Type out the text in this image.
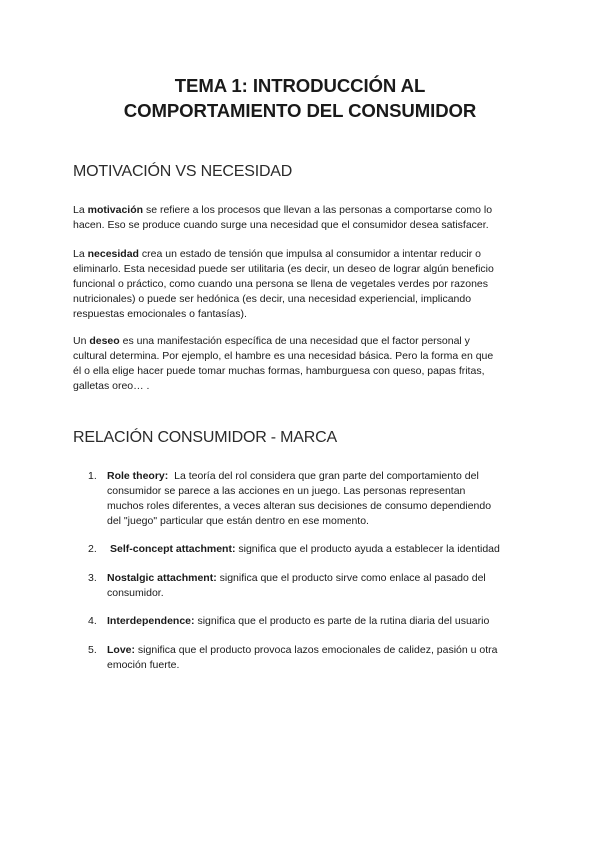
TEMA 1: INTRODUCCIÓN AL
COMPORTAMIENTO DEL CONSUMIDOR
MOTIVACIÓN VS NECESIDAD
La motivación se refiere a los procesos que llevan a las personas a comportarse como lo
hacen. Eso se produce cuando surge una necesidad que el consumidor desea satisfacer.
La necesidad crea un estado de tensión que impulsa al consumidor a intentar reducir o
eliminarlo. Esta necesidad puede ser utilitaria (es decir, un deseo de lograr algún beneficio
funcional o práctico, como cuando una persona se llena de vegetales verdes por razones
nutricionales) o puede ser hedónica (es decir, una necesidad experiencial, implicando
respuestas emocionales o fantasías).
Un deseo es una manifestación específica de una necesidad que el factor personal y
cultural determina. Por ejemplo, el hambre es una necesidad básica. Pero la forma en que
él o ella elige hacer puede tomar muchas formas, hamburguesa con queso, papas fritas,
galletas oreo… .
RELACIÓN CONSUMIDOR - MARCA
1. Role theory:  La teoría del rol considera que gran parte del comportamiento del
consumidor se parece a las acciones en un juego. Las personas representan
muchos roles diferentes, a veces alteran sus decisiones de consumo dependiendo
del "juego" particular que están dentro en ese momento.
2. Self-concept attachment: significa que el producto ayuda a establecer la identidad
3. Nostalgic attachment: significa que el producto sirve como enlace al pasado del
consumidor.
4. Interdependence: significa que el producto es parte de la rutina diaria del usuario
5. Love: significa que el producto provoca lazos emocionales de calidez, pasión u otra
emoción fuerte.
